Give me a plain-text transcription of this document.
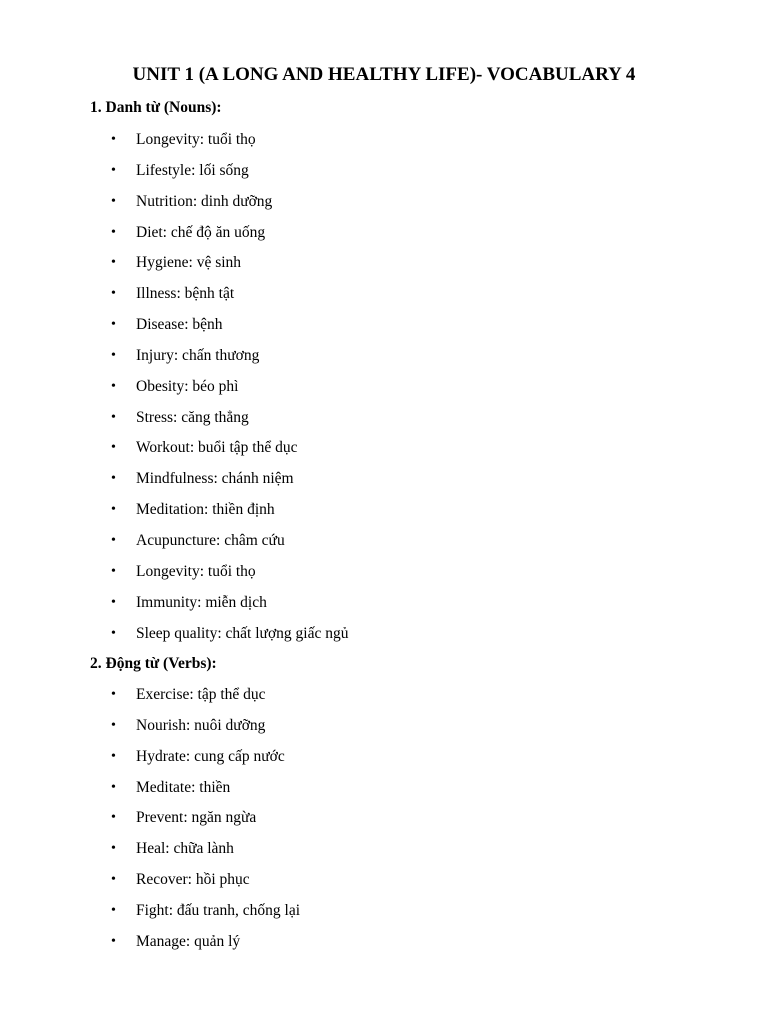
UNIT 1 (A LONG AND HEALTHY LIFE)- VOCABULARY 4
1. Danh từ (Nouns):
• Longevity: tuổi thọ
• Lifestyle: lối sống
• Nutrition: dinh dưỡng
• Diet: chế độ ăn uống
• Hygiene: vệ sinh
• Illness: bệnh tật
• Disease: bệnh
• Injury: chấn thương
• Obesity: béo phì
• Stress: căng thẳng
• Workout: buổi tập thể dục
• Mindfulness: chánh niệm
• Meditation: thiền định
• Acupuncture: châm cứu
• Longevity: tuổi thọ
• Immunity: miễn dịch
• Sleep quality: chất lượng giấc ngủ
2. Động từ (Verbs):
• Exercise: tập thể dục
• Nourish: nuôi dưỡng
• Hydrate: cung cấp nước
• Meditate: thiền
• Prevent: ngăn ngừa
• Heal: chữa lành
• Recover: hồi phục
• Fight: đấu tranh, chống lại
• Manage: quản lý
